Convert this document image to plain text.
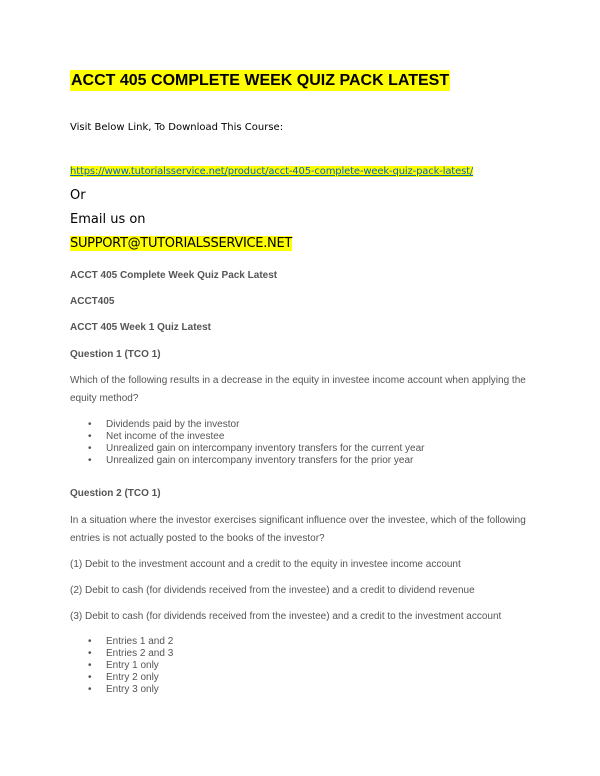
ACCT 405 COMPLETE WEEK QUIZ PACK LATEST
Visit Below Link, To Download This Course:
https://www.tutorialsservice.net/product/acct-405-complete-week-quiz-pack-latest/
Or
Email us on
SUPPORT@TUTORIALSSERVICE.NET
ACCT 405 Complete Week Quiz Pack Latest
ACCT405
ACCT 405 Week 1 Quiz Latest
Question 1 (TCO 1)
Which of the following results in a decrease in the equity in investee income account when applying the
equity method?
• Dividends paid by the investor
• Net income of the investee
• Unrealized gain on intercompany inventory transfers for the current year
• Unrealized gain on intercompany inventory transfers for the prior year
Question 2 (TCO 1)
In a situation where the investor exercises significant influence over the investee, which of the following
entries is not actually posted to the books of the investor?
(1) Debit to the investment account and a credit to the equity in investee income account
(2) Debit to cash (for dividends received from the investee) and a credit to dividend revenue
(3) Debit to cash (for dividends received from the investee) and a credit to the investment account
• Entries 1 and 2
• Entries 2 and 3
• Entry 1 only
• Entry 2 only
• Entry 3 only
